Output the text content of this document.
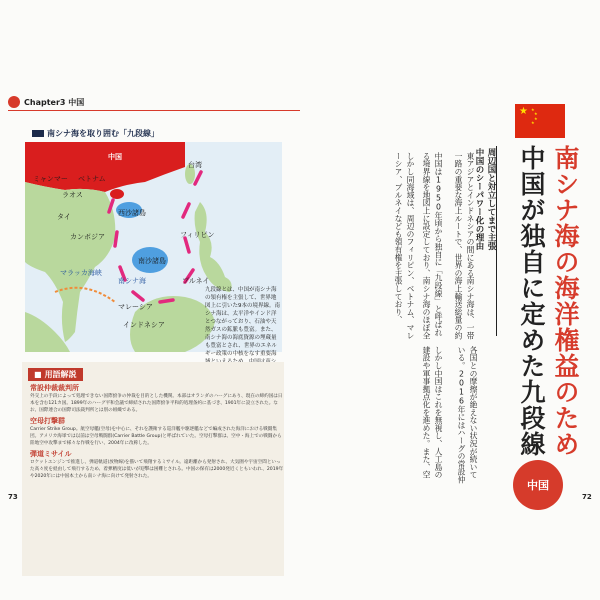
Chapter3 中国
南シナ海を取り囲む「九段線」
中国
台湾
ミャンマー ベトナム
ラオス
タイ
カンボジア
西沙諸島
南沙諸島
フィリピン
南シナ海
マラッカ海峡
ブルネイ
マレーシア
インドネシア
九段線とは、中国が南シナ海の領有権を主張して、世界地図上に引いた9本の境界線。南シナ海は、太平洋やインド洋とつながっており、石油や天然ガスの鉱脈も豊富。また、南シナ海の海底資源の埋蔵量も豊富とされ、世界のエネルギー政策の中核をなす重要海
■ 用語解説
常設仲裁裁判所
外交上の手段によって処理できない国際紛争の仲裁を目的とした機関。本部はオランダのハーグにあり、現在の締約国は日本を含む121カ国。1899年のハーグ平和会議で締結された国際紛争平和的処理条約に基づき、1901年に設立された。なお、国際連合の国際司法裁判所とは別の組織である。
空母打撃群
Carrier Strike Group。航空母艦(空母)を中心に、それを護衛する巡洋艦や駆逐艦などで編成された海洋における戦闘集団。アメリカ海軍では以前は空母戦闘群(Carrier Battle Group)と呼ばれていた。空母打撃群は、空中・海上での戦闘から陸地空中攻撃まで様々な作戦を行い、2004年に改称した。
弾道ミサイル
ロケットエンジンで推進し、弾道軌道(放物線)を描いて飛翔するミサイル。遠距離から発射され、大気圏や宇宙空間といった高々度を経由して飛行するため、着弾精度は低いが迎撃は困難とされる。中国の保有は2000発近くともいわれ、2019年や2020年には中国本土から南シナ海に向けて発射された。
73
★ ★
★
★
★
南シナ海の海洋権益のため
中国が独自に定めた九段線
中国
周辺国と対立してまで主張
中国のシーパワー化の理由
東アジアとインドネシアの間にある南シナ海は、一帯一路の重要な海上ルートで、世界の海上輸送総量の約
中国は1950年頃から独自に「九段線」と呼ばれる境界線を地図上に設定しており、南シナ海のほぼ全
しかし同海域は、周辺のフィリピン、ベトナム、マレーシア、ブルネイなども領有権を主張しており、
各国との摩擦が絶えない状況が続いている。2016年にはハーグの常設仲
しかし中国はこれを無視し、人工島の建設や軍事拠点化を進めた。また、空
72
